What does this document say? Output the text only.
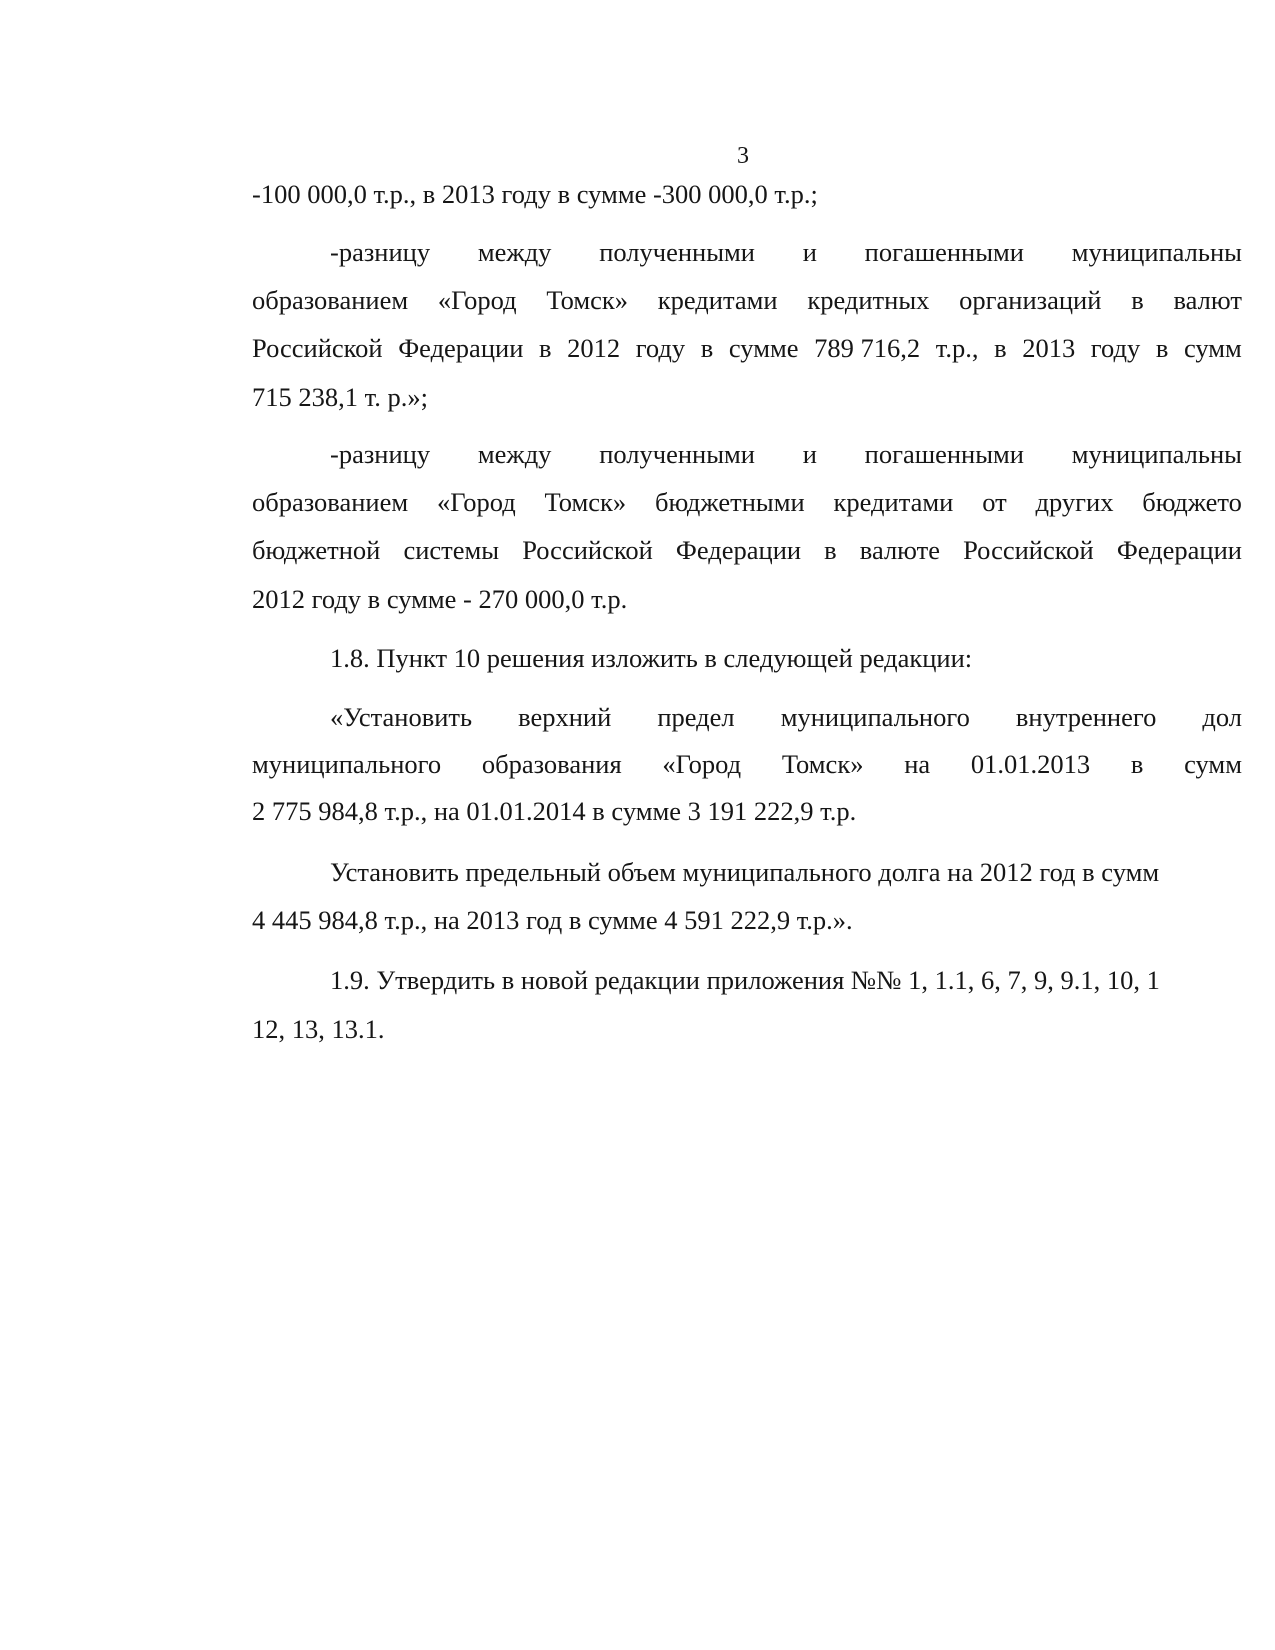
3
-100 000,0 т.р., в 2013 году в сумме -300 000,0 т.р.;
-разницу между полученными и погашенными муниципальны
образованием «Город Томск» кредитами кредитных организаций в валют
Российской Федерации в 2012 году в сумме 789 716,2 т.р., в 2013 году в сумм
715 238,1 т. р.»;
-разницу между полученными и погашенными муниципальны
образованием «Город Томск» бюджетными кредитами от других бюджето
бюджетной системы Российской Федерации в валюте Российской Федерации
2012 году в сумме - 270 000,0 т.р.
1.8. Пункт 10 решения изложить в следующей редакции:
«Установить верхний предел муниципального внутреннего дол
муниципального образования «Город Томск» на 01.01.2013 в сумм
2 775 984,8 т.р., на 01.01.2014 в сумме 3 191 222,9 т.р.
Установить предельный объем муниципального долга на 2012 год в сумм
4 445 984,8 т.р., на 2013 год в сумме 4 591 222,9 т.р.».
1.9. Утвердить в новой редакции приложения №№ 1, 1.1, 6, 7, 9, 9.1, 10, 1
12, 13, 13.1.
